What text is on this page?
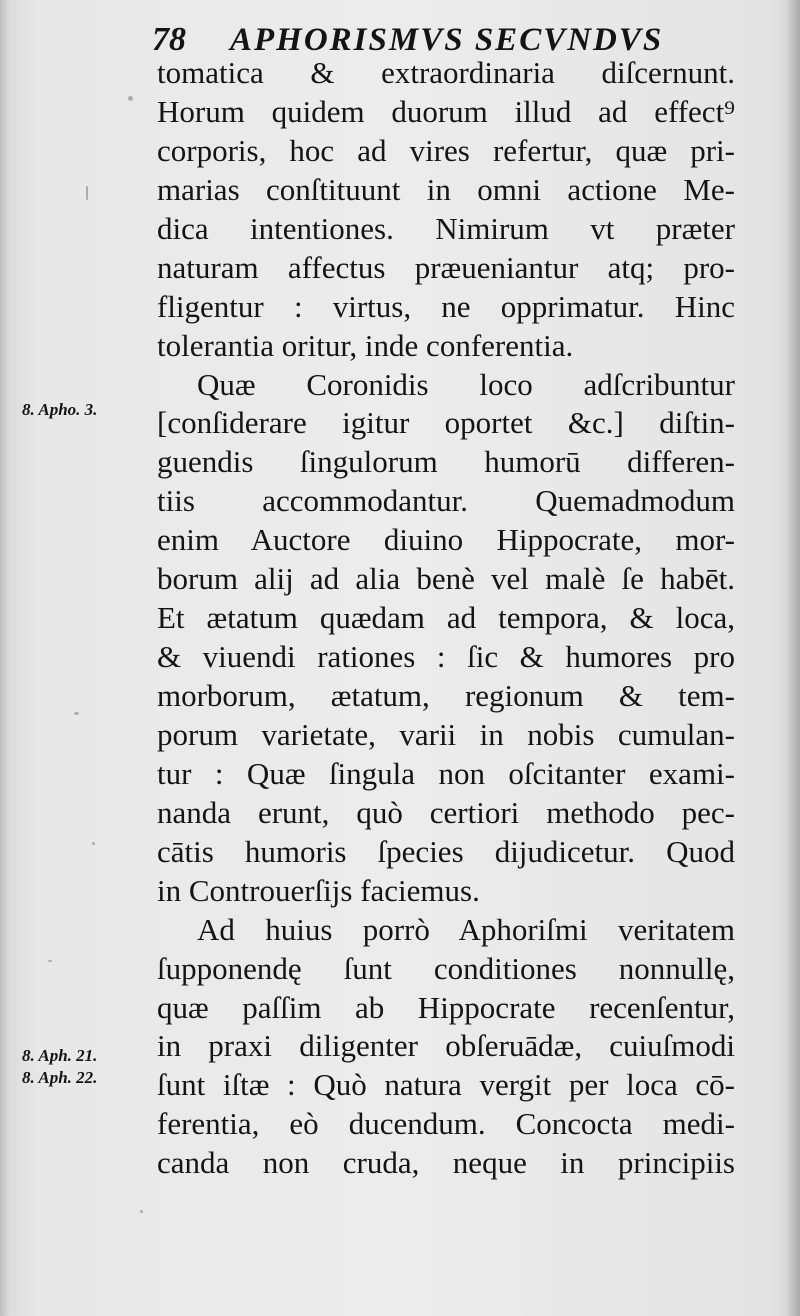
78 APHORISMVS SECVNDVS
tomatica & extraordinaria diſcernunt.
Horum quidem duorum illud ad effect⁹
corporis, hoc ad vires refertur, quæ pri-
marias conſtituunt in omni actione Me-
dica intentiones. Nimirum vt præter
naturam affectus præueniantur atq; pro-
fligentur : virtus, ne opprimatur. Hinc
tolerantia oritur, inde conferentia.
Quæ Coronidis loco adſcribuntur
[conſiderare igitur oportet &c.] diſtin-
guendis ſingulorum humorū differen-
tiis accommodantur. Quemadmodum
enim Auctore diuino Hippocrate, mor-
borum alij ad alia benè vel malè ſe habēt.
Et ætatum quædam ad tempora, & loca,
& viuendi rationes : ſic & humores pro
morborum, ætatum, regionum & tem-
porum varietate, varii in nobis cumulan-
tur : Quæ ſingula non oſcitanter exami-
nanda erunt, quò certiori methodo pec-
cātis humoris ſpecies dijudicetur. Quod
in Controuerſijs faciemus.
Ad huius porrò Aphoriſmi veritatem
ſupponendę ſunt conditiones nonnullę,
quæ paſſim ab Hippocrate recenſentur,
in praxi diligenter obſeruādæ, cuiuſmodi
ſunt iſtæ : Quò natura vergit per loca cō-
ferentia, eò ducendum. Concocta medi-
canda non cruda, neque in principiis
8. Apho. 3.
8. Aph. 21.
8. Aph. 22.
